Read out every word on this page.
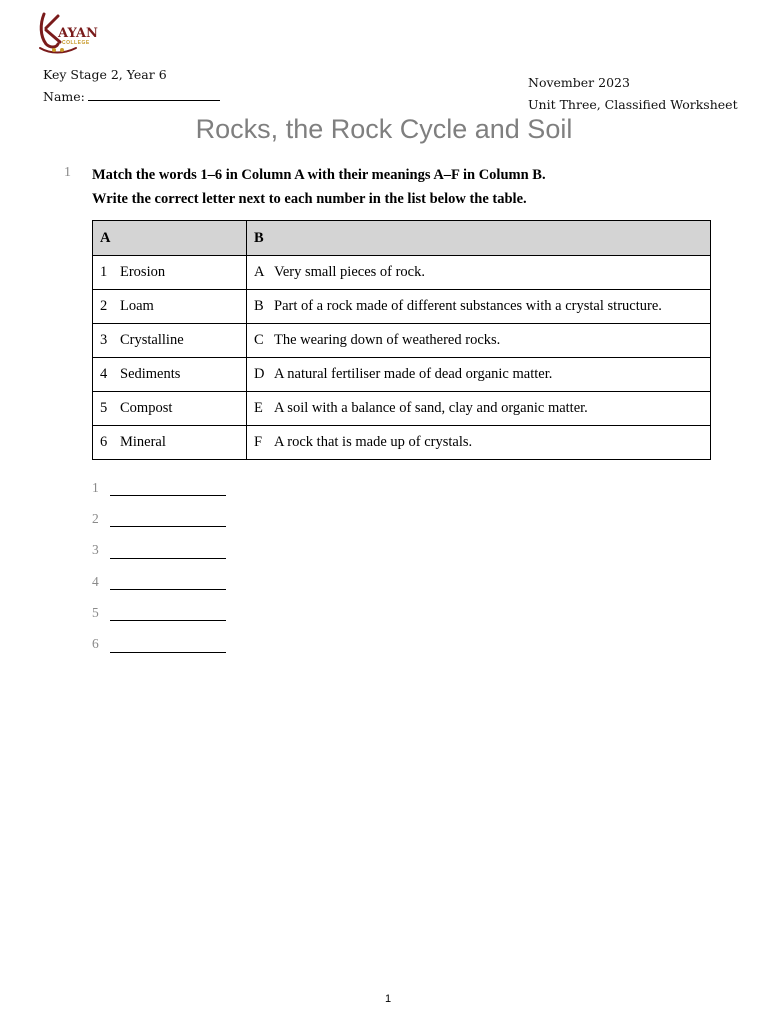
AYAN
COLLEGE
Key Stage 2, Year 6
Name:
November 2023
Unit Three, Classified Worksheet
Rocks, the Rock Cycle and Soil
1 Match the words 1–6 in Column A with their meanings A–F in Column B.
Write the correct letter next to each number in the list below the table.
A	B
1 Erosion	A Very small pieces of rock.
2 Loam	B Part of a rock made of different substances with a crystal structure.
3 Crystalline	C The wearing down of weathered rocks.
4 Sediments	D A natural fertiliser made of dead organic matter.
5 Compost	E A soil with a balance of sand, clay and organic matter.
6 Mineral	F A rock that is made up of crystals.
1
2
3
4
5
6
1
